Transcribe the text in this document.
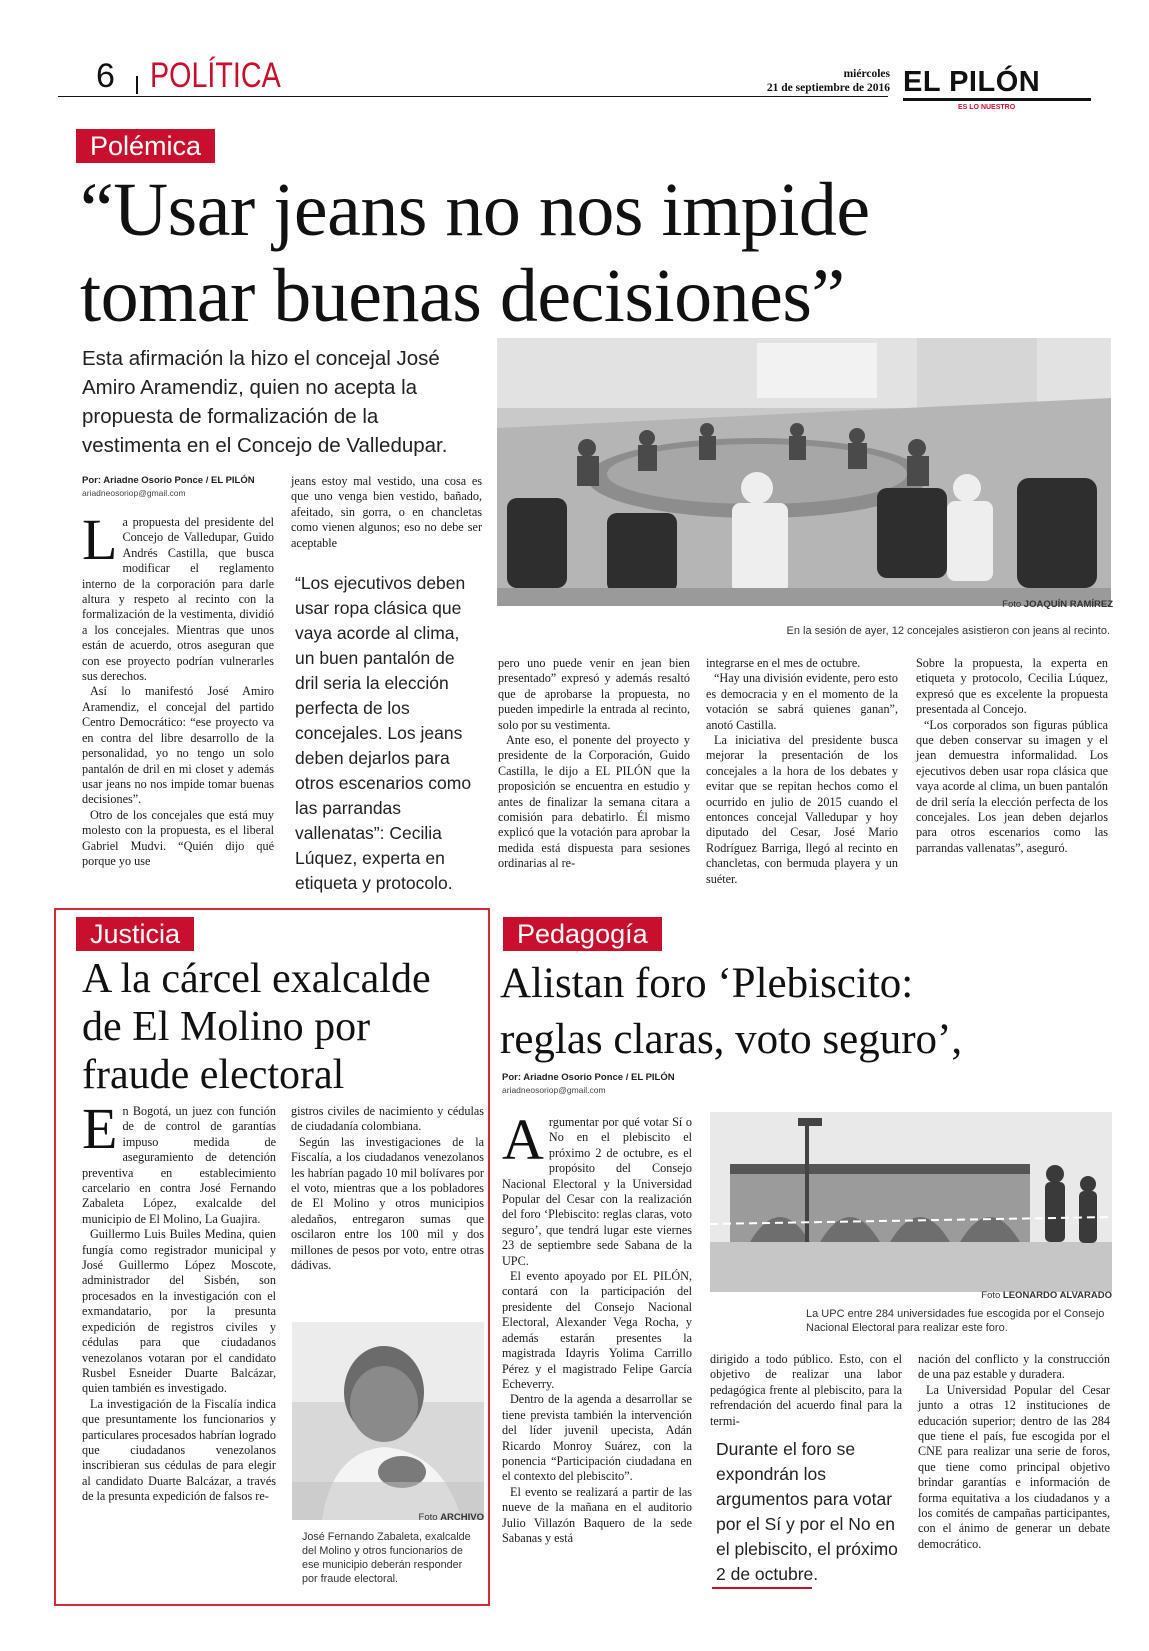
6 POLÍTICA	miércoles
21 de septiembre de 2016 EL PILÓN
ES LO NUESTRO
Polémica
“Usar jeans no nos impide
tomar buenas decisiones”
Esta afirmación la hizo el concejal José Amiro Aramendiz, quien no acepta la propuesta de formalización de la vestimenta en el Concejo de Valledupar.
Por: Ariadne Osorio Ponce / EL PILÓN
ariadneosoriop@gmail.com
Foto JOAQUÍN RAMÍREZ
En la sesión de ayer, 12 concejales asistieron con jeans al recinto.

La propuesta del presidente del Concejo de Valledupar, Guido Andrés Castilla, que busca modificar el reglamento interno de la corporación para darle altura y respeto al recinto con la formalización de la vestimenta, dividió a los concejales. Mientras que unos están de acuerdo, otros aseguran que con ese proyecto podrían vulnerarles sus derechos.

Así lo manifestó José Amiro Aramendiz, el concejal del partido Centro Democrático: “ese proyecto va en contra del libre desarrollo de la personalidad, yo no tengo un solo pantalón de dril en mi closet y además usar jeans no nos impide tomar buenas decisiones”.

Otro de los concejales que está muy molesto con la propuesta, es el liberal Gabriel Mudvi. “Quién dijo qué porque yo use

jeans estoy mal vestido, una cosa es que uno venga bien vestido, bañado, afeitado, sin gorra, o en chancletas como vienen algunos; eso no debe ser aceptable

“Los ejecutivos deben usar ropa clásica que vaya acorde al clima, un buen pantalón de dril seria la elección perfecta de los concejales. Los jeans deben dejarlos para otros escenarios como las parrandas vallenatas”: Cecilia Lúquez, experta en etiqueta y protocolo.

pero uno puede venir en jean bien presentado” expresó y además resaltó que de aprobarse la propuesta, no pueden impedirle la entrada al recinto, solo por su vestimenta.

Ante eso, el ponente del proyecto y presidente de la Corporación, Guido Castilla, le dijo a EL PILÓN que la proposición se encuentra en estudio y antes de finalizar la semana citara a comisión para debatirlo. Él mismo explicó que la votación para aprobar la medida está dispuesta para sesiones ordinarias al re-

integrarse en el mes de octubre.

“Hay una división evidente, pero esto es democracia y en el momento de la votación se sabrá quienes ganan”, anotó Castilla.

La iniciativa del presidente busca mejorar la presentación de los concejales a la hora de los debates y evitar que se repitan hechos como el ocurrido en julio de 2015 cuando el entonces concejal Valledupar y hoy diputado del Cesar, José Mario Rodríguez Barriga, llegó al recinto en chancletas, con bermuda playera y un suéter.

Sobre la propuesta, la experta en etiqueta y protocolo, Cecilia Lúquez, expresó que es excelente la propuesta presentada al Concejo.

“Los corporados son figuras pública que deben conservar su imagen y el jean demuestra informalidad. Los ejecutivos deben usar ropa clásica que vaya acorde al clima, un buen pantalón de dril sería la elección perfecta de los concejales. Los jean deben dejarlos para otros escenarios como las parrandas vallenatas”, aseguró.

Justicia
A la cárcel exalcalde
de El Molino por
fraude electoral

En Bogotá, un juez con función de de control de garantías impuso medida de aseguramiento de detención preventiva en establecimiento carcelario en contra José Fernando Zabaleta López, exalcalde del municipio de El Molino, La Guajira.

Guillermo Luis Builes Medina, quien fungía como registrador municipal y José Guillermo López Moscote, administrador del Sisbén, son procesados en la investigación con el exmandatario, por la presunta expedición de registros civiles y cédulas para que ciudadanos venezolanos votaran por el candidato Rusbel Esneider Duarte Balcázar, quien también es investigado.

La investigación de la Fiscalía indica que presuntamente los funcionarios y particulares procesados habrían logrado que ciudadanos venezolanos inscribieran sus cédulas de para elegir al candidato Duarte Balcázar, a través de la presunta expedición de falsos re-

gistros civiles de nacimiento y cédulas de ciudadanía colombiana.

Según las investigaciones de la Fiscalía, a los ciudadanos venezolanos les habrían pagado 10 mil bolívares por el voto, mientras que a los pobladores de El Molino y otros municipios aledaños, entregaron sumas que oscilaron entre los 100 mil y dos millones de pesos por voto, entre otras dádivas.

Foto ARCHIVO
José Fernando Zabaleta, exalcalde del Molino y otros funcionarios de ese municipio deberán responder por fraude electoral.
Pedagogía
Alistan foro ‘Plebiscito:
reglas claras, voto seguro’,
Por: Ariadne Osorio Ponce / EL PILÓN
ariadneosoriop@gmail.com

Argumentar por qué votar Sí o No en el plebiscito el próximo 2 de octubre, es el propósito del Consejo Nacional Electoral y la Universidad Popular del Cesar con la realización del foro ‘Plebiscito: reglas claras, voto seguro’, que tendrá lugar este viernes 23 de septiembre sede Sabana de la UPC.

El evento apoyado por EL PILÓN, contará con la participación del presidente del Consejo Nacional Electoral, Alexander Vega Rocha, y además estarán presentes la magistrada Idayris Yolima Carrillo Pérez y el magistrado Felipe García Echeverry.

Dentro de la agenda a desarrollar se tiene prevista también la intervención del líder juvenil upecista, Adán Ricardo Monroy Suárez, con la ponencia “Participación ciudadana en el contexto del plebiscito”.

El evento se realizará a partir de las nueve de la mañana en el auditorio Julio Villazón Baquero de la sede Sabanas y está

Foto LEONARDO ALVARADO
La UPC entre 284 universidades fue escogida por el Consejo Nacional Electoral para realizar este foro.

dirigido a todo público. Esto, con el objetivo de realizar una labor pedagógica frente al plebiscito, para la refrendación del acuerdo final para la termi-

Durante el foro se expondrán los argumentos para votar por el Sí y por el No en el plebiscito, el próximo 2 de octubre.

nación del conflicto y la construcción de una paz estable y duradera.

La Universidad Popular del Cesar junto a otras 12 instituciones de educación superior; dentro de las 284 que tiene el país, fue escogida por el CNE para realizar una serie de foros, que tiene como principal objetivo brindar garantías e información de forma equitativa a los ciudadanos y a los comités de campañas participantes, con el ánimo de generar un debate democrático.
